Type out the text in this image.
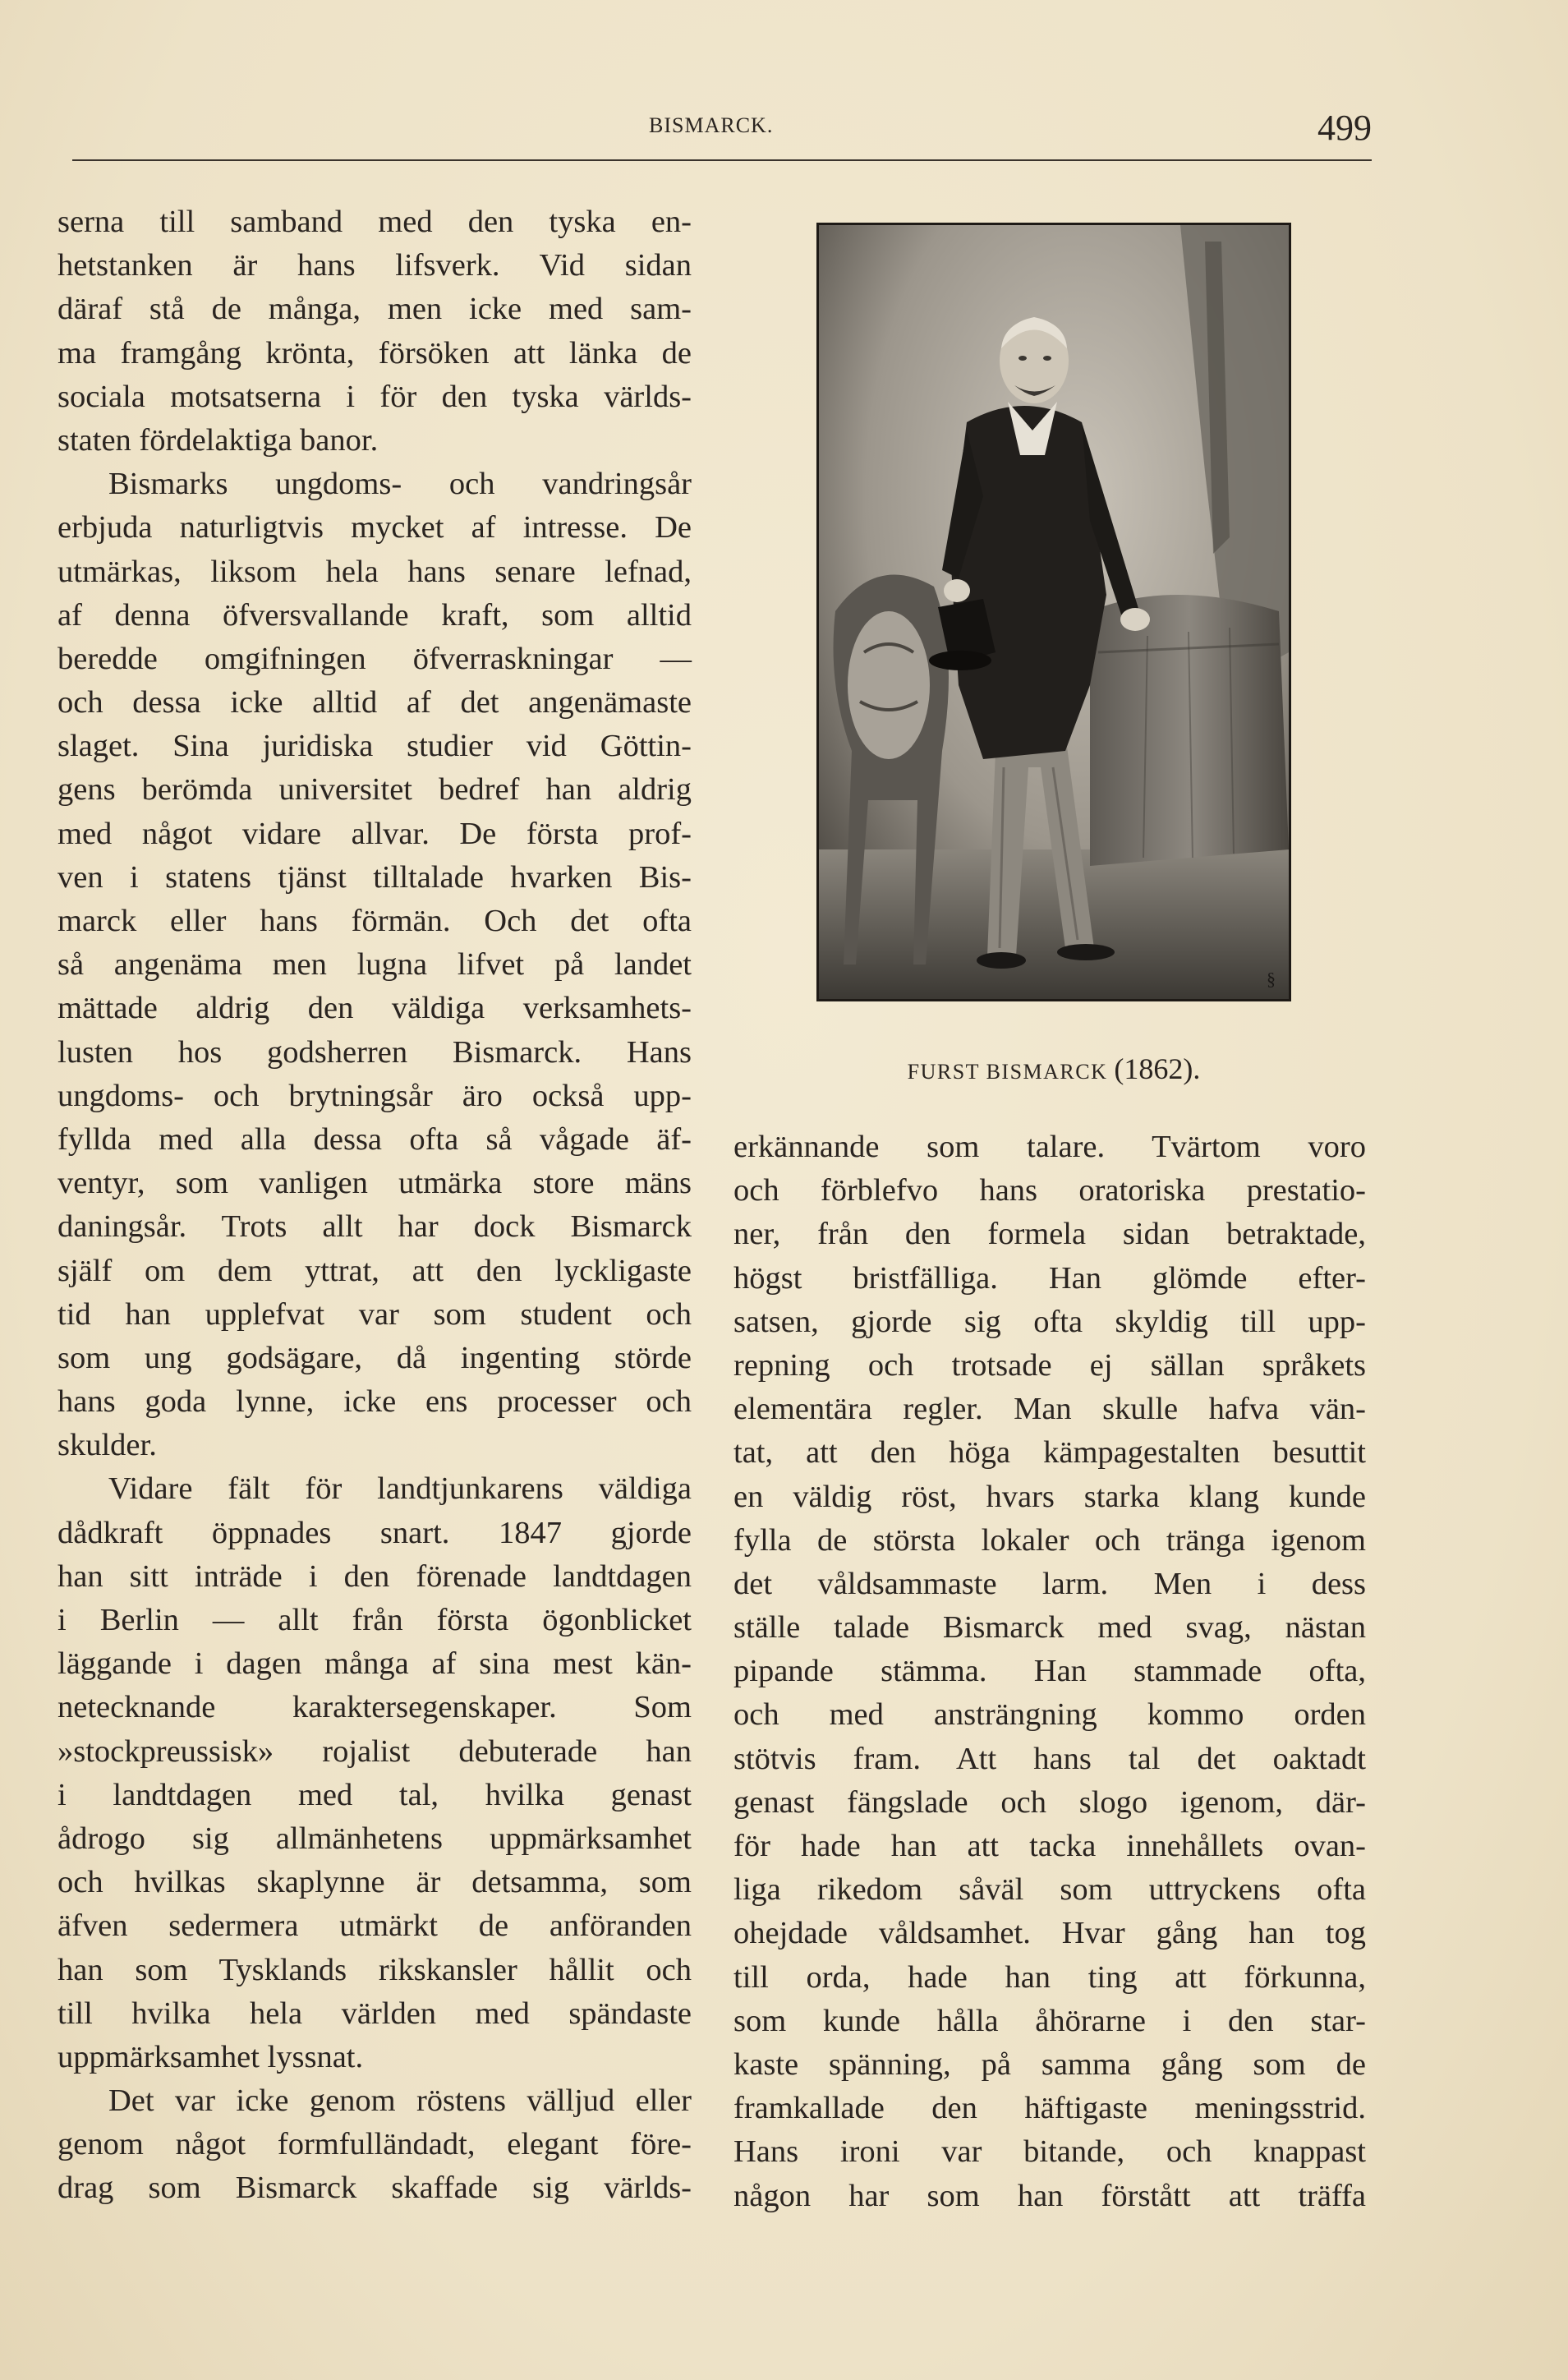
BISMARCK.	499
serna till samband med den tyska en-
hetstanken är hans lifsverk. Vid sidan
däraf stå de många, men icke med sam-
ma framgång krönta, försöken att länka de
sociala motsatserna i för den tyska världs-
staten fördelaktiga banor.
Bismarks ungdoms- och vandringsår
erbjuda naturligtvis mycket af intresse. De
utmärkas, liksom hela hans senare lefnad,
af denna öfversvallande kraft, som alltid
beredde omgifningen öfverraskningar —
och dessa icke alltid af det angenämaste
slaget. Sina juridiska studier vid Göttin-
gens berömda universitet bedref han aldrig
med något vidare allvar. De första prof-
ven i statens tjänst tilltalade hvarken Bis-
marck eller hans förmän. Och det ofta
så angenäma men lugna lifvet på landet
mättade aldrig den väldiga verksamhets-
lusten hos godsherren Bismarck. Hans
ungdoms- och brytningsår äro också upp-
fyllda med alla dessa ofta så vågade äf-
ventyr, som vanligen utmärka store mäns
daningsår. Trots allt har dock Bismarck
själf om dem yttrat, att den lyckligaste
tid han upplefvat var som student och
som ung godsägare, då ingenting störde
hans goda lynne, icke ens processer och
skulder.
Vidare fält för landtjunkarens väldiga
dådkraft öppnades snart. 1847 gjorde
han sitt inträde i den förenade landtdagen
i Berlin — allt från första ögonblicket
läggande i dagen många af sina mest kän-
netecknande karaktersegenskaper. Som
»stockpreussisk» rojalist debuterade han
i landtdagen med tal, hvilka genast
ådrogo sig allmänhetens uppmärksamhet
och hvilkas skaplynne är detsamma, som
äfven sedermera utmärkt de anföranden
han som Tysklands rikskansler hållit och
till hvilka hela världen med spändaste
uppmärksamhet lyssnat.
Det var icke genom röstens välljud eller
genom något formfulländadt, elegant före-
drag som Bismarck skaffade sig världs-
§
FURST BISMARCK (1862).
erkännande som talare. Tvärtom voro
och förblefvo hans oratoriska prestatio-
ner, från den formela sidan betraktade,
högst bristfälliga. Han glömde efter-
satsen, gjorde sig ofta skyldig till upp-
repning och trotsade ej sällan språkets
elementära regler. Man skulle hafva vän-
tat, att den höga kämpagestalten besuttit
en väldig röst, hvars starka klang kunde
fylla de största lokaler och tränga igenom
det våldsammaste larm. Men i dess
ställe talade Bismarck med svag, nästan
pipande stämma. Han stammade ofta,
och med ansträngning kommo orden
stötvis fram. Att hans tal det oaktadt
genast fängslade och slogo igenom, där-
för hade han att tacka innehållets ovan-
liga rikedom såväl som uttryckens ofta
ohejdade våldsamhet. Hvar gång han tog
till orda, hade han ting att förkunna,
som kunde hålla åhörarne i den star-
kaste spänning, på samma gång som de
framkallade den häftigaste meningsstrid.
Hans ironi var bitande, och knappast
någon har som han förstått att träffa
